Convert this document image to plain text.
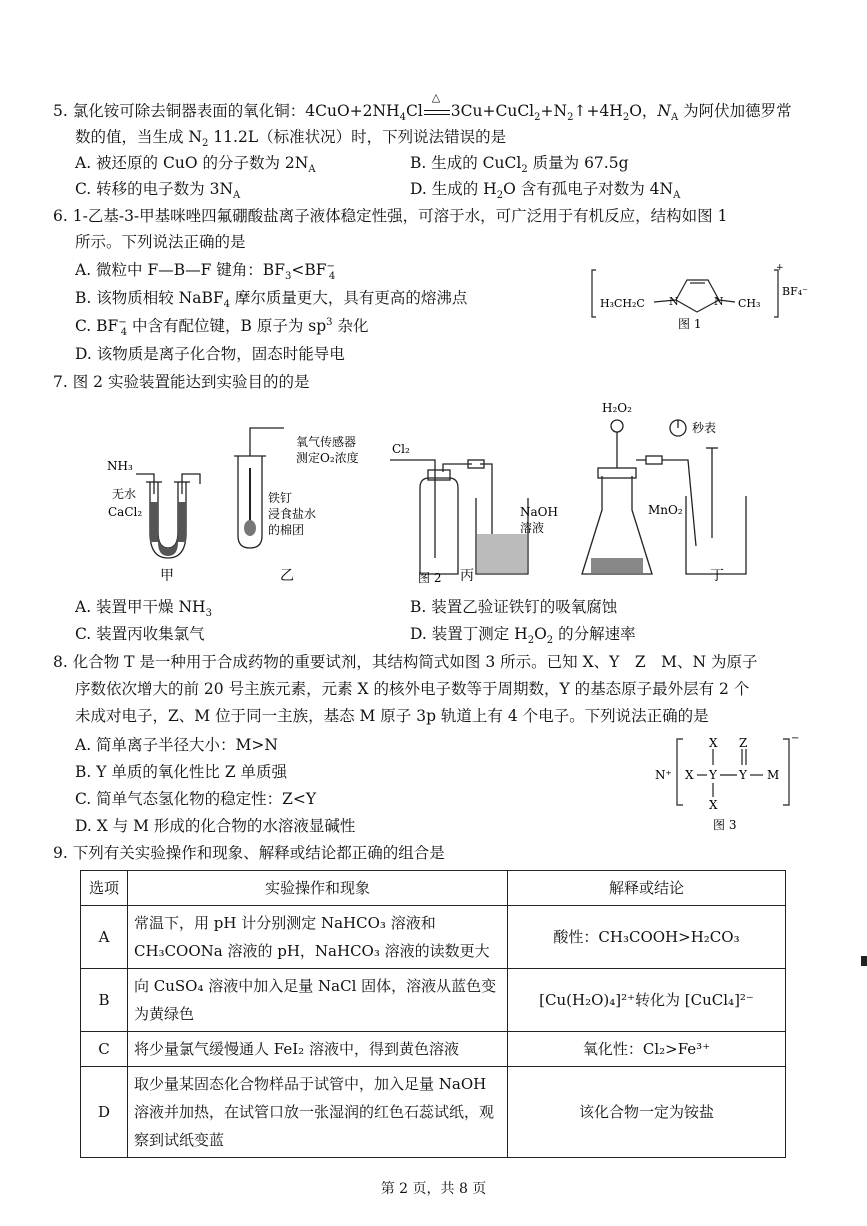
5. 氯化铵可除去铜器表面的氧化铜：$4CuO+2NH_4Cl$
△
$3Cu+CuCl_2+N_2↑+4H_2O$，$N_A$ 为阿伏加德罗常
数的值，当生成 $N_2$ 11.2L（标准状况）时，下列说法错误的是
A. 被还原的 CuO 的分子数为 $2N_A$	B. 生成的 CuCl$_2$ 质量为 67.5g
C. 转移的电子数为 $3N_A$	D. 生成的 $H_2O$ 含有孤电子对数为 $4N_A$
6. 1-乙基-3-甲基咪唑四氟硼酸盐离子液体稳定性强，可溶于水，可广泛用于有机反应，结构如图 1
所示。下列说法正确的是
A. 微粒中 F—B—F 键角：$BF_3<BF^-_4$
B. 该物质相较 NaBF$_4$ 摩尔质量更大，具有更高的熔沸点
C. $BF^-_4$ 中含有配位键，B 原子为 $sp^3$ 杂化
D. 该物质是离子化合物，固态时能导电
H₃CH₂C N	N CH₃
+
BF₄⁻
图 1
7. 图 2 实验装置能达到实验目的的是
NH₃
无水
CaCl₂
甲
氧气传感器
测定O₂浓度
铁钉
浸食盐水
的棉团
乙
Cl₂
NaOH
溶液
丙
H₂O₂
秒表
MnO₂
丁
图 2
A. 装置甲干燥 $NH_3$	B. 装置乙验证铁钉的吸氧腐蚀
C. 装置丙收集氯气	D. 装置丁测定 $H_2O_2$ 的分解速率
8. 化合物 T 是一种用于合成药物的重要试剂，其结构简式如图 3 所示。已知 X、Y　Z　M、N 为原子
序数依次增大的前 20 号主族元素，元素 X 的核外电子数等于周期数，Y 的基态原子最外层有 2 个
未成对电子，Z、M 位于同一主族，基态 M 原子 3p 轨道上有 4 个电子。下列说法正确的是
A. 简单离子半径大小：M>N
B. Y 单质的氧化性比 Z 单质强
C. 简单气态氢化物的稳定性：Z<Y
D. X 与 M 形成的化合物的水溶液显碱性
N⁺ X
X
Y
X
Z
Y M
−
图 3
9. 下列有关实验操作和现象、解释或结论都正确的组合是
选项	实验操作和现象	解释或结论
A	常温下，用 pH 计分别测定 NaHCO₃ 溶液和 CH₃COONa 溶液的 pH，NaHCO₃ 溶液的读数更大	酸性：CH₃COOH>H₂CO₃
B	向 CuSO₄ 溶液中加入足量 NaCl 固体，溶液从蓝色变为黄绿色	[Cu(H₂O)₄]²⁺转化为 [CuCl₄]²⁻
C	将少量氯气缓慢通人 FeI₂ 溶液中，得到黄色溶液	氧化性：Cl₂>Fe³⁺
D	取少量某固态化合物样品于试管中，加入足量 NaOH 溶液并加热，在试管口放一张湿润的红色石蕊试纸，观察到试纸变蓝	该化合物一定为铵盐
第 2 页，共 8 页
